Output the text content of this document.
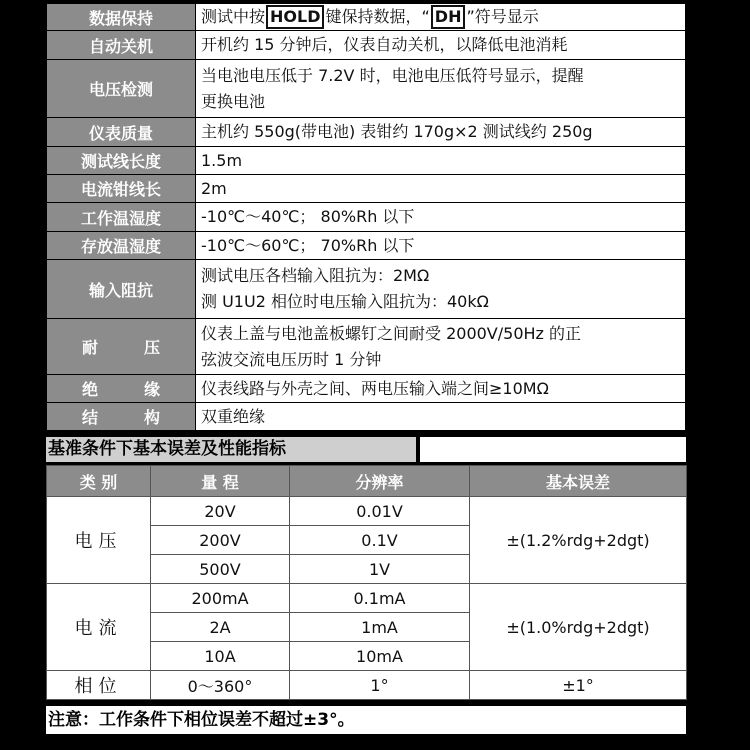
数据保持	测试中按 HOLD 键保持数据，“ DH ”符号显示
自动关机	开机约 15 分钟后，仪表自动关机，以降低电池消耗
电压检测	当电池电压低于 7.2V 时，电池电压低符号显示，提醒
更换电池

仪表质量	主机约 550g(带电池) 表钳约 170g×2 测试线约 250g
测试线长度	1.5m
电流钳线长	2m
工作温湿度	-10℃～40℃； 80%Rh 以下
存放温湿度	-10℃～60℃； 70%Rh 以下
输入阻抗	测试电压各档输入阻抗为：2MΩ
测 U1U2 相位时电压输入阻抗为：40kΩ

耐 压	仪表上盖与电池盖板螺钉之间耐受 2000V/50Hz 的正
弦波交流电压历时 1 分钟

绝 缘	仪表线路与外壳之间、两电压输入端之间≥10MΩ
结 构	双重绝缘
基准条件下基本误差及性能指标
类 别	量 程	分辨率	基本误差
电压	20V	0.01V	±(1.2%rdg+2dgt)
	200V	0.1V	
	500V	1V	
电流	200mA	0.1mA	±(1.0%rdg+2dgt)
	2A	1mA	
	10A	10mA	
相位	0～360°	1°	±1°
注意：工作条件下相位误差不超过±3°。
